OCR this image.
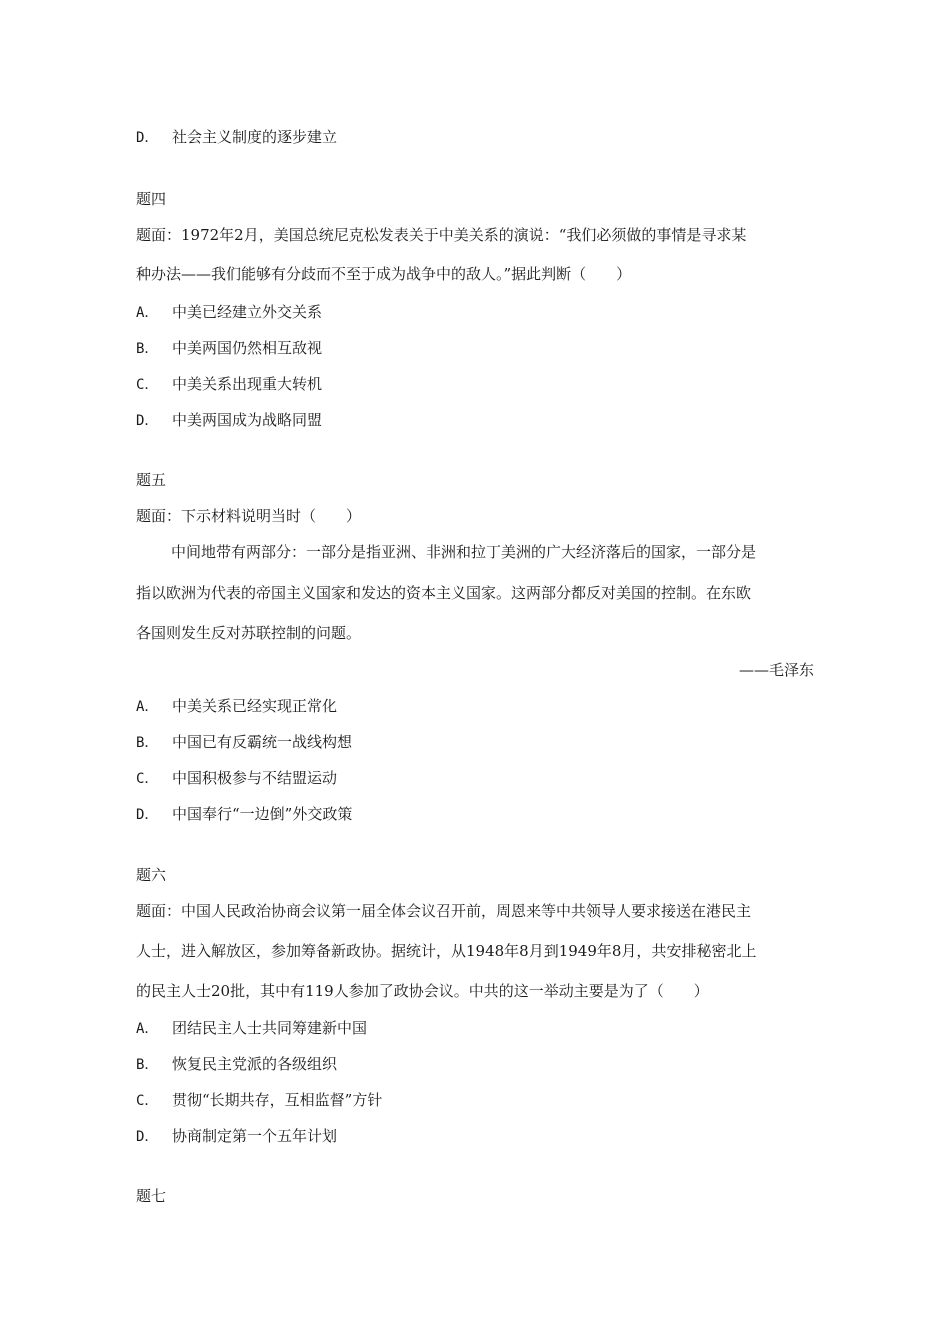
D． 社会主义制度的逐步建立
题四
题面：1972年2月，美国总统尼克松发表关于中美关系的演说：“我们必须做的事情是寻求某
种办法——我们能够有分歧而不至于成为战争中的敌人。”据此判断（　　）
A． 中美已经建立外交关系
B． 中美两国仍然相互敌视
C． 中美关系出现重大转机
D． 中美两国成为战略同盟
题五
题面：下示材料说明当时（　　）
中间地带有两部分：一部分是指亚洲、非洲和拉丁美洲的广大经济落后的国家，一部分是
指以欧洲为代表的帝国主义国家和发达的资本主义国家。这两部分都反对美国的控制。在东欧
各国则发生反对苏联控制的问题。
——毛泽东
A． 中美关系已经实现正常化
B． 中国已有反霸统一战线构想
C． 中国积极参与不结盟运动
D． 中国奉行“一边倒”外交政策
题六
题面：中国人民政治协商会议第一届全体会议召开前，周恩来等中共领导人要求接送在港民主
人士，进入解放区，参加筹备新政协。据统计，从1948年8月到1949年8月，共安排秘密北上
的民主人士20批，其中有119人参加了政协会议。中共的这一举动主要是为了（　　）
A． 团结民主人士共同筹建新中国
B． 恢复民主党派的各级组织
C． 贯彻“长期共存，互相监督”方针
D． 协商制定第一个五年计划
题七
